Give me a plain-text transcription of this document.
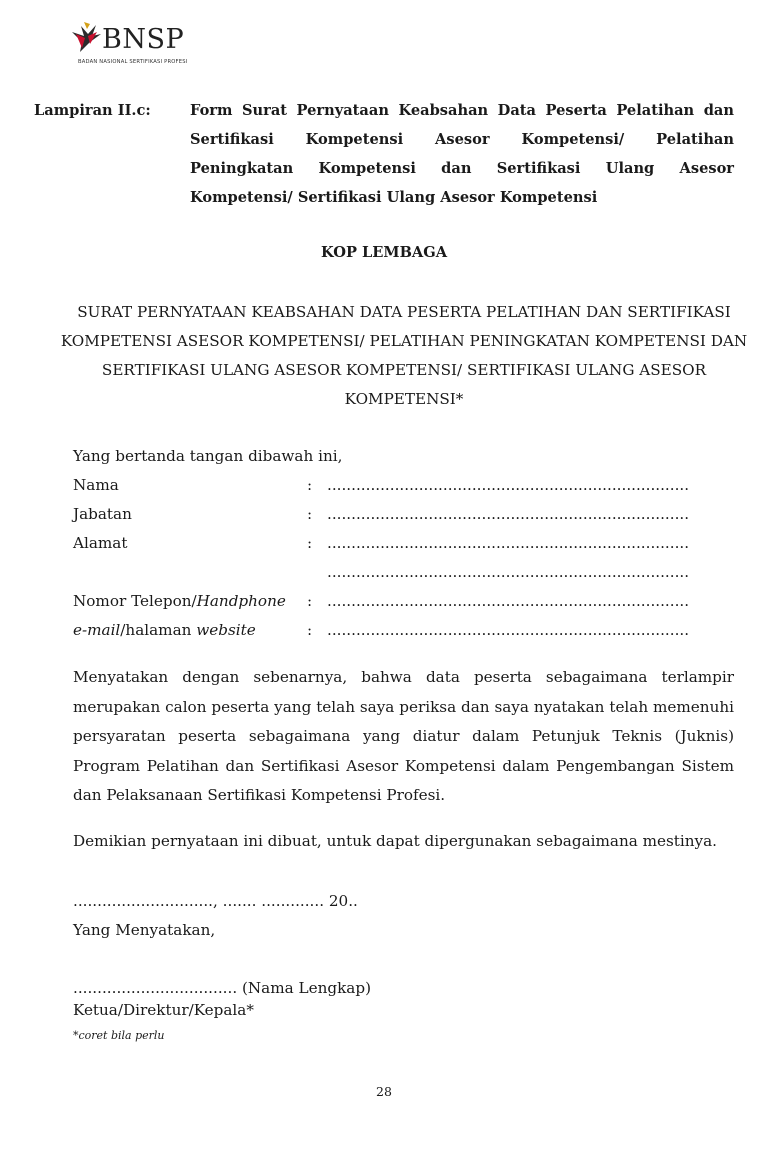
BNSP
BADAN NASIONAL SERTIFIKASI PROFESI
Lampiran II.c:	Form Surat Pernyataan Keabsahan Data Peserta Pelatihan dan Sertifikasi Kompetensi Asesor Kompetensi/ Pelatihan Peningkatan Kompetensi dan Sertifikasi Ulang Asesor Kompetensi/ Sertifikasi Ulang Asesor Kompetensi
KOP LEMBAGA
SURAT PERNYATAAN KEABSAHAN DATA PESERTA PELATIHAN DAN SERTIFIKASI KOMPETENSI ASESOR KOMPETENSI/ PELATIHAN PENINGKATAN KOMPETENSI DAN SERTIFIKASI ULANG ASESOR KOMPETENSI/ SERTIFIKASI ULANG ASESOR KOMPETENSI*
Yang bertanda tangan dibawah ini,
Nama	: ...........................................................................
Jabatan	: ...........................................................................
Alamat	: ...........................................................................
...........................................................................
Nomor Telepon/Handphone : ...........................................................................
e-mail/halaman website	: ...........................................................................
Menyatakan dengan sebenarnya, bahwa data peserta sebagaimana terlampir merupakan calon peserta yang telah saya periksa dan saya nyatakan telah memenuhi persyaratan peserta sebagaimana yang diatur dalam Petunjuk Teknis (Juknis) Program Pelatihan dan Sertifikasi Asesor Kompetensi dalam Pengembangan Sistem dan Pelaksanaan Sertifikasi Kompetensi Profesi.
Demikian pernyataan ini dibuat, untuk dapat dipergunakan sebagaimana mestinya.
............................., ....... ............. 20..
Yang Menyatakan,
.................................. (Nama Lengkap)
Ketua/Direktur/Kepala*
*coret bila perlu
28
